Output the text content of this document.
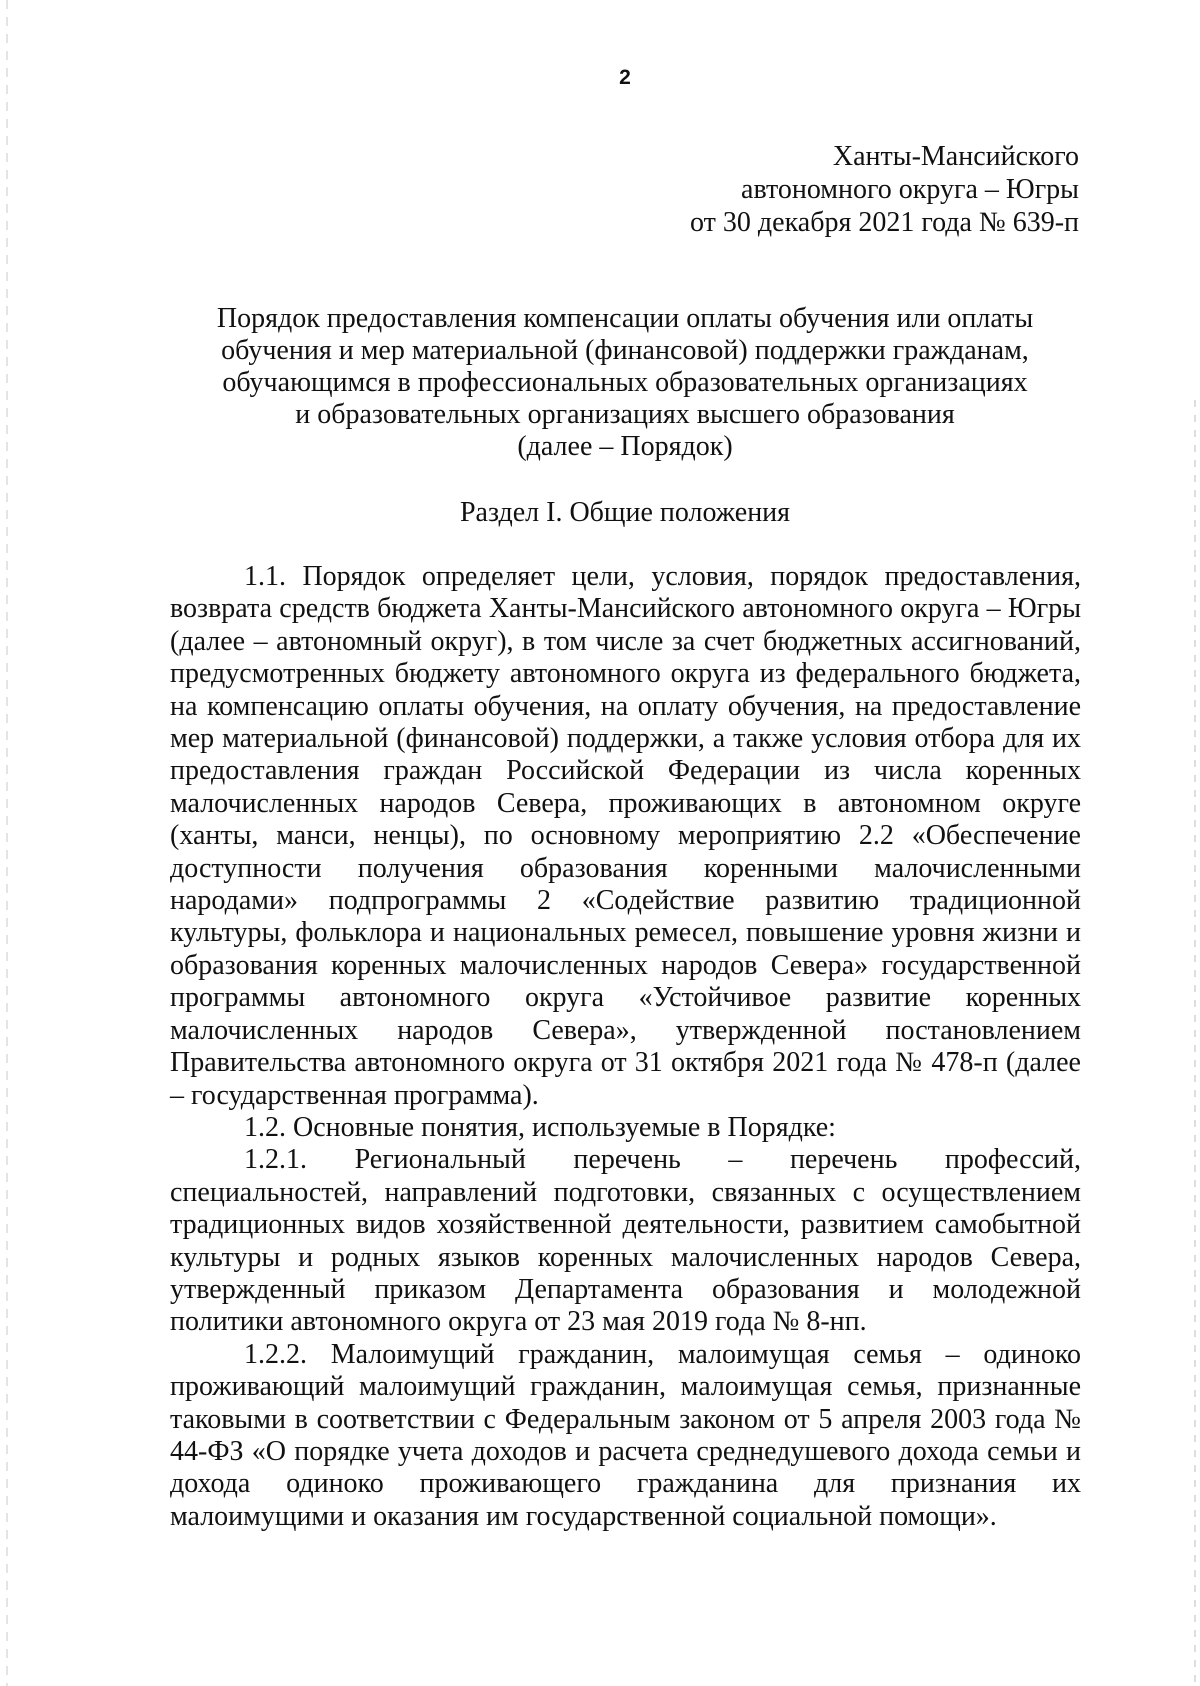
2
Ханты-Мансийского
автономного округа – Югры
от 30 декабря 2021 года № 639-п
Порядок предоставления компенсации оплаты обучения или оплаты
обучения и мер материальной (финансовой) поддержки гражданам,
обучающимся в профессиональных образовательных организациях
и образовательных организациях высшего образования
(далее – Порядок)
Раздел I. Общие положения

1.1. Порядок определяет цели, условия, порядок предоставления, возврата средств бюджета Ханты-Мансийского автономного округа – Югры (далее – автономный округ), в том числе за счет бюджетных ассигнований, предусмотренных бюджету автономного округа из федерального бюджета, на компенсацию оплаты обучения, на оплату обучения, на предоставление мер материальной (финансовой) поддержки, а также условия отбора для их предоставления граждан Российской Федерации из числа коренных малочисленных народов Севера, проживающих в автономном округе (ханты, манси, ненцы), по основному мероприятию 2.2 «Обеспечение доступности получения образования коренными малочисленными народами» подпрограммы 2 «Содействие развитию традиционной культуры, фольклора и национальных ремесел, повышение уровня жизни и образования коренных малочисленных народов Севера» государственной программы автономного округа «Устойчивое развитие коренных малочисленных народов Севера», утвержденной постановлением Правительства автономного округа от 31 октября 2021 года № 478-п (далее – государственная программа).

1.2. Основные понятия, используемые в Порядке:

1.2.1. Региональный перечень – перечень профессий, специальностей, направлений подготовки, связанных с осуществлением традиционных видов хозяйственной деятельности, развитием самобытной культуры и родных языков коренных малочисленных народов Севера, утвержденный приказом Департамента образования и молодежной политики автономного округа от 23 мая 2019 года № 8-нп.

1.2.2. Малоимущий гражданин, малоимущая семья – одиноко проживающий малоимущий гражданин, малоимущая семья, признанные таковыми в соответствии с Федеральным законом от 5 апреля 2003 года № 44-ФЗ «О порядке учета доходов и расчета среднедушевого дохода семьи и дохода одиноко проживающего гражданина для признания их малоимущими и оказания им государственной социальной помощи».
